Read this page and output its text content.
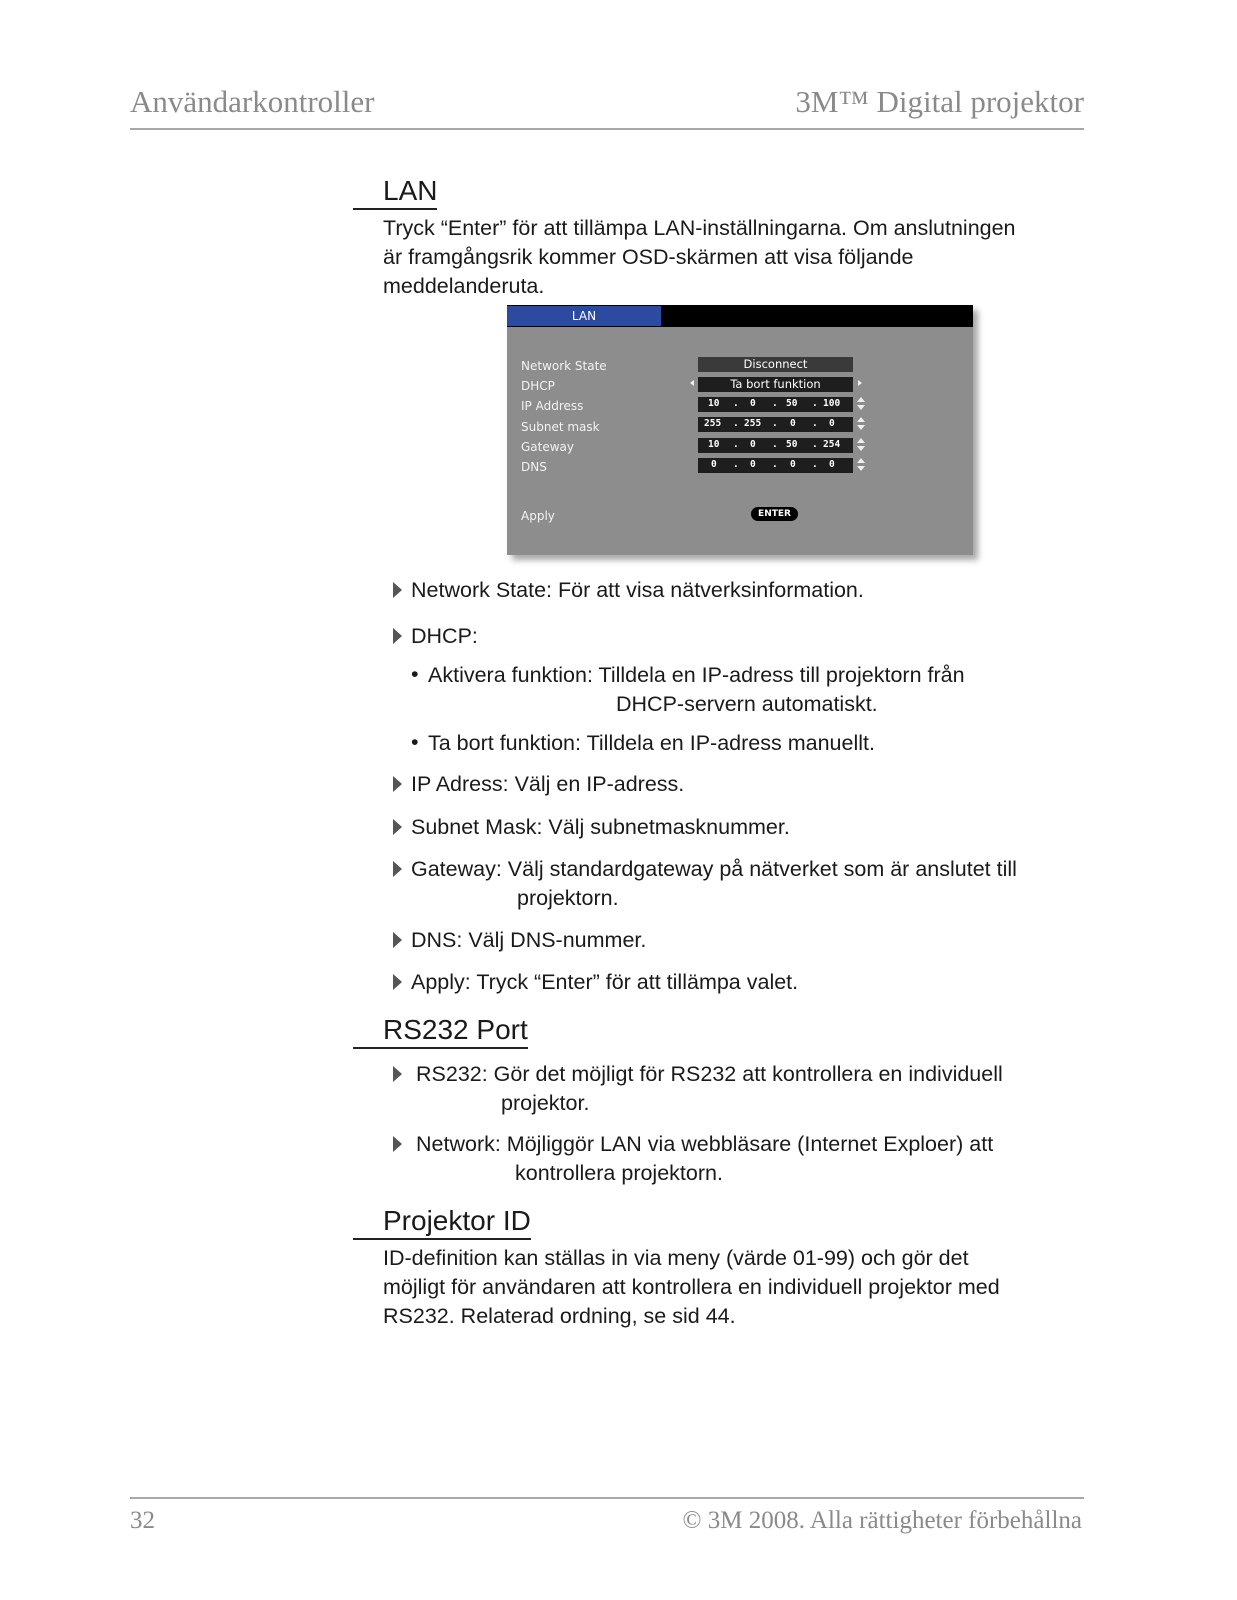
Användarkontroller	3M™ Digital projektor
LAN
Tryck “Enter” för att tillämpa LAN-inställningarna. Om anslutningen
är framgångsrik kommer OSD-skärmen att visa följande
meddelanderuta.
LAN
Network State
DHCP
IP Address
Subnet mask
Gateway
DNS
Apply
Disconnect
Ta bort funktion
10 . 0 . 50 . 100
255 . 255 . 0 . 0
10 . 0 . 50 . 254
0 . 0 . 0 . 0
ENTER
Network State: För att visa nätverksinformation.
DHCP:
• Aktivera funktion: Tilldela en IP-adress till projektorn från
DHCP-servern automatiskt.
• Ta bort funktion: Tilldela en IP-adress manuellt.
IP Adress: Välj en IP-adress.
Subnet Mask: Välj subnetmasknummer.
Gateway: Välj standardgateway på nätverket som är anslutet till
projektorn.
DNS: Välj DNS-nummer.
Apply: Tryck “Enter” för att tillämpa valet.
RS232 Port
RS232: Gör det möjligt för RS232 att kontrollera en individuell
projektor.
Network: Möjliggör LAN via webbläsare (Internet Exploer) att
kontrollera projektorn.
Projektor ID
ID-definition kan ställas in via meny (värde 01-99) och gör det
möjligt för användaren att kontrollera en individuell projektor med
RS232. Relaterad ordning, se sid 44.
32	© 3M 2008. Alla rättigheter förbehållna
